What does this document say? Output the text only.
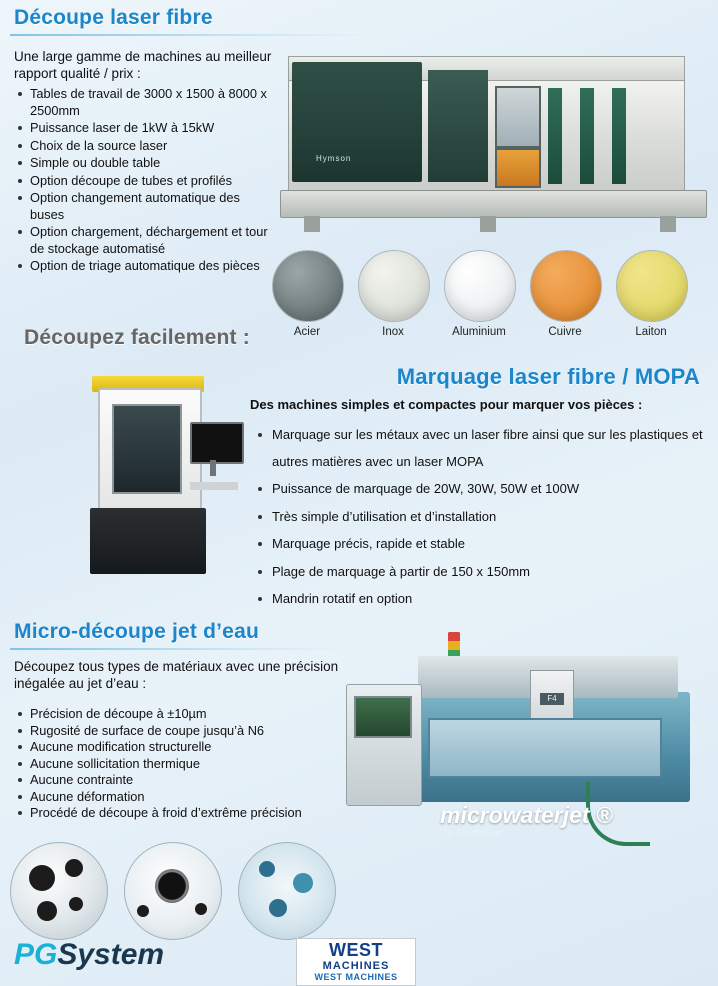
Découpe laser fibre
Une large gamme de machines au meilleur rapport qualité / prix :
Tables de travail de 3000 x 1500 à 8000 x 2500mm
Puissance laser de 1kW à 15kW
Choix de la source laser
Simple ou double table
Option découpe de tubes et profilés
Option changement automatique des buses
Option chargement, déchargement et tour de stockage automatisé
Option de triage automatique des pièces
Hymson
Acier	Inox	Aluminium	Cuivre	Laiton
Découpez facilement :
Marquage laser fibre / MOPA
Des machines simples et compactes pour marquer vos pièces :
Marquage sur les métaux avec un laser fibre ainsi que sur les plastiques et autres matières avec un laser MOPA
Puissance de marquage de 20W, 30W, 50W et 100W
Très simple d’utilisation et d’installation
Marquage précis, rapide et stable
Plage de marquage à partir de 150 x 150mm
Mandrin rotatif en option
Micro-découpe jet d’eau
Découpez tous types de matériaux avec une précision inégalée au jet d’eau :
Précision de découpe à ±10µm
Rugosité de surface de coupe jusqu’à N6
Aucune modification structurelle
Aucune sollicitation thermique
Aucune contrainte
Aucune déformation
Procédé de découpe à froid d’extrême précision
F4
microwaterjet ®
by Daetwyler
PGSystem	WEST
MACHINES
WEST MACHINES
